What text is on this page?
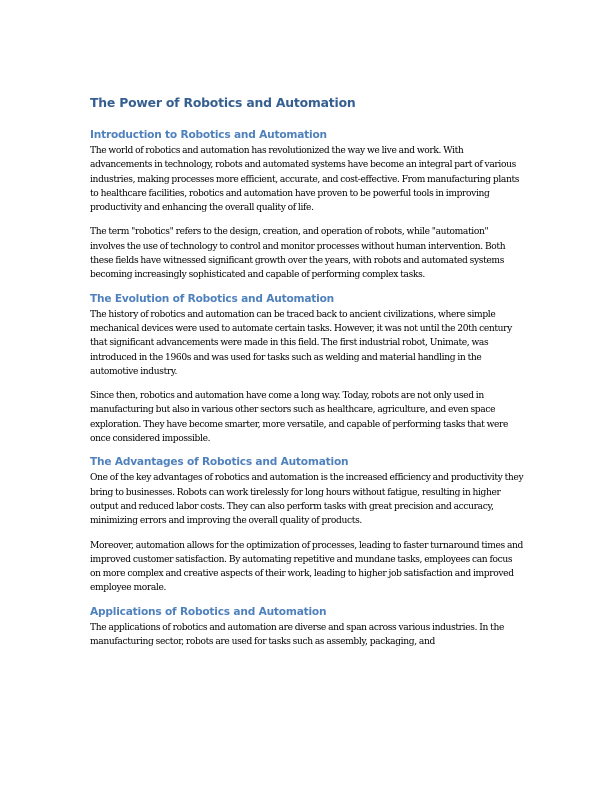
The Power of Robotics and Automation
Introduction to Robotics and Automation

The world of robotics and automation has revolutionized the way we live and work. With advancements in technology, robots and automated systems have become an integral part of various industries, making processes more efficient, accurate, and cost-effective. From manufacturing plants to healthcare facilities, robotics and automation have proven to be powerful tools in improving productivity and enhancing the overall quality of life.

The term "robotics" refers to the design, creation, and operation of robots, while "automation" involves the use of technology to control and monitor processes without human intervention. Both these fields have witnessed significant growth over the years, with robots and automated systems becoming increasingly sophisticated and capable of performing complex tasks.

The Evolution of Robotics and Automation

The history of robotics and automation can be traced back to ancient civilizations, where simple mechanical devices were used to automate certain tasks. However, it was not until the 20th century that significant advancements were made in this field. The first industrial robot, Unimate, was introduced in the 1960s and was used for tasks such as welding and material handling in the automotive industry.

Since then, robotics and automation have come a long way. Today, robots are not only used in manufacturing but also in various other sectors such as healthcare, agriculture, and even space exploration. They have become smarter, more versatile, and capable of performing tasks that were once considered impossible.

The Advantages of Robotics and Automation

One of the key advantages of robotics and automation is the increased efficiency and productivity they bring to businesses. Robots can work tirelessly for long hours without fatigue, resulting in higher output and reduced labor costs. They can also perform tasks with great precision and accuracy, minimizing errors and improving the overall quality of products.

Moreover, automation allows for the optimization of processes, leading to faster turnaround times and improved customer satisfaction. By automating repetitive and mundane tasks, employees can focus on more complex and creative aspects of their work, leading to higher job satisfaction and improved employee morale.

Applications of Robotics and Automation

The applications of robotics and automation are diverse and span across various industries. In the manufacturing sector, robots are used for tasks such as assembly, packaging, and
